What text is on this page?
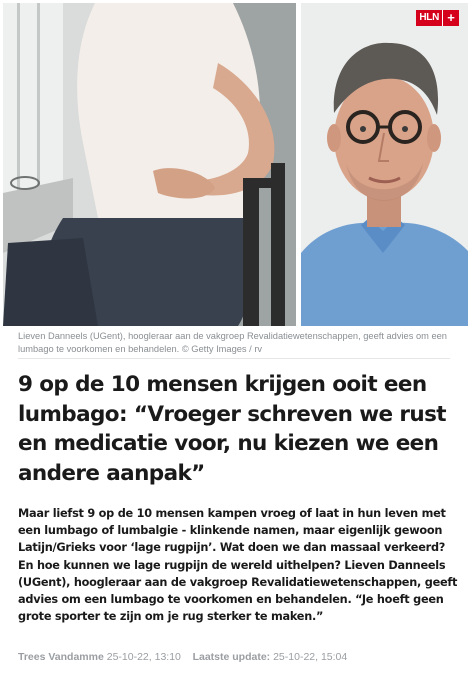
HLN +
Lieven Danneels (UGent), hoogleraar aan de vakgroep Revalidatiewetenschappen, geeft advies om een lumbago te voorkomen en behandelen. © Getty Images / rv
9 op de 10 mensen krijgen ooit een lumbago: “Vroeger schreven we rust en medicatie voor, nu kiezen we een andere aanpak”

Maar liefst 9 op de 10 mensen kampen vroeg of laat in hun leven met een lumbago of lumbalgie - klinkende namen, maar eigenlijk gewoon Latijn/Grieks voor ‘lage rugpijn’. Wat doen we dan massaal verkeerd? En hoe kunnen we lage rugpijn de wereld uithelpen? Lieven Danneels (UGent), hoogleraar aan de vakgroep Revalidatiewetenschappen, geeft advies om een lumbago te voorkomen en behandelen. “Je hoeft geen grote sporter te zijn om je rug sterker te maken.”

Trees Vandamme 25-10-22, 13:10 Laatste update: 25-10-22, 15:04
